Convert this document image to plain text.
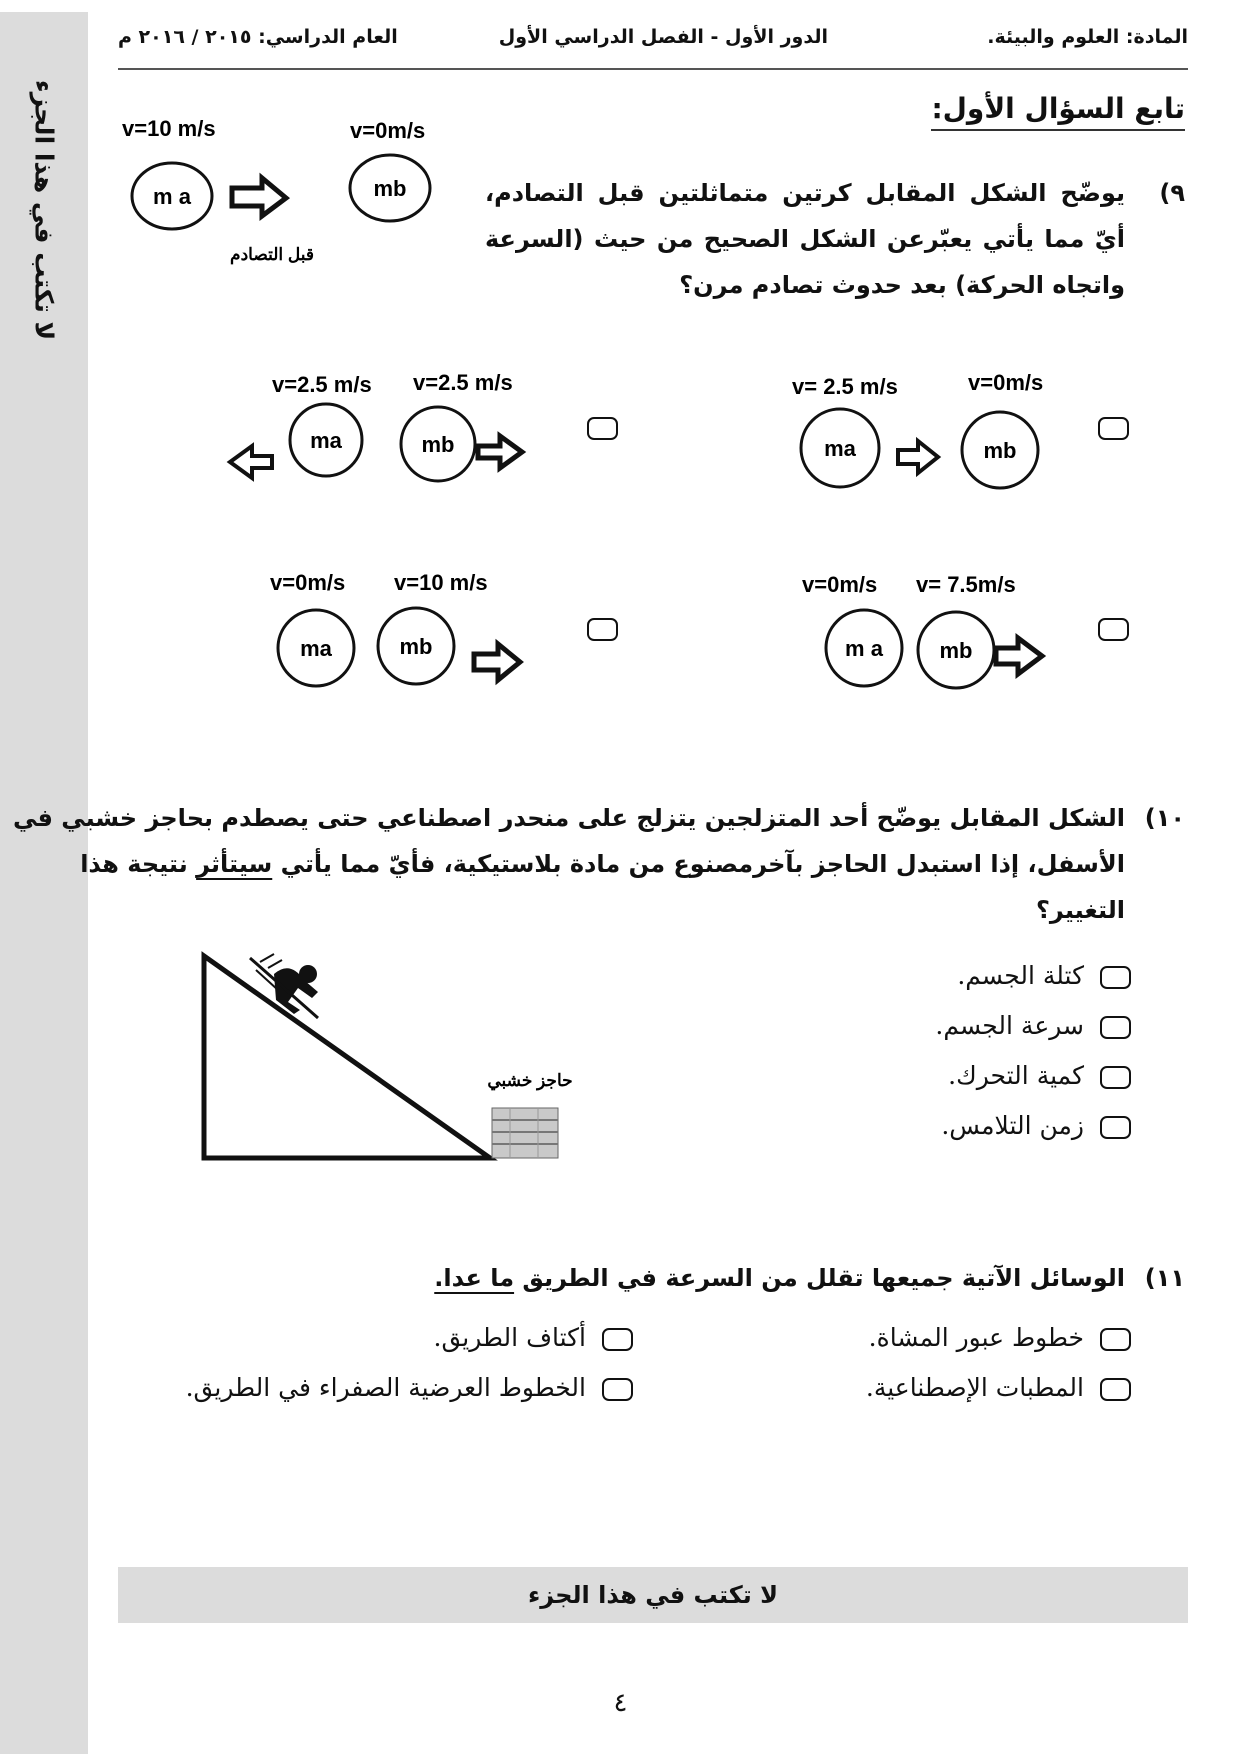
لا تكتب في هذا الجزء
المادة: العلوم والبيئة.
الدور الأول - الفصل الدراسي الأول
العام الدراسي: ٢٠١٥ / ٢٠١٦ م
تابع السؤال الأول:
٩)
يوضّح الشكل المقابل كرتين متماثلتين قبل التصادم، أيّ مما يأتي يعبّرعن الشكل الصحيح من حيث (السرعة واتجاه الحركة) بعد حدوث تصادم مرن؟
v=10 m/s	v=0m/s
m a	mb
قبل التصادم
v= 2.5 m/s	v=0m/s
ma	mb
v=2.5 m/s v=2.5 m/s
ma	mb
v=0m/s v= 7.5m/s
m a	mb
v=0m/s v=10 m/s
ma	mb
١٠)
الشكل المقابل يوضّح أحد المتزلجين يتزلج على منحدر اصطناعي حتى يصطدم بحاجز خشبي في
الأسفل، إذا استبدل الحاجز بآخرمصنوع من مادة بلاستيكية، فأيّ مما يأتي سيتأثر نتيجة هذا
التغيير؟
حاجز خشبي
كتلة الجسم.
سرعة الجسم.
كمية التحرك.
زمن التلامس.
١١)
الوسائل الآتية جميعها تقلل من السرعة في الطريق ما عدا.
خطوط عبور المشاة.
أكتاف الطريق.
المطبات الإصطناعية.
الخطوط العرضية الصفراء في الطريق.
لا تكتب في هذا الجزء
٤
